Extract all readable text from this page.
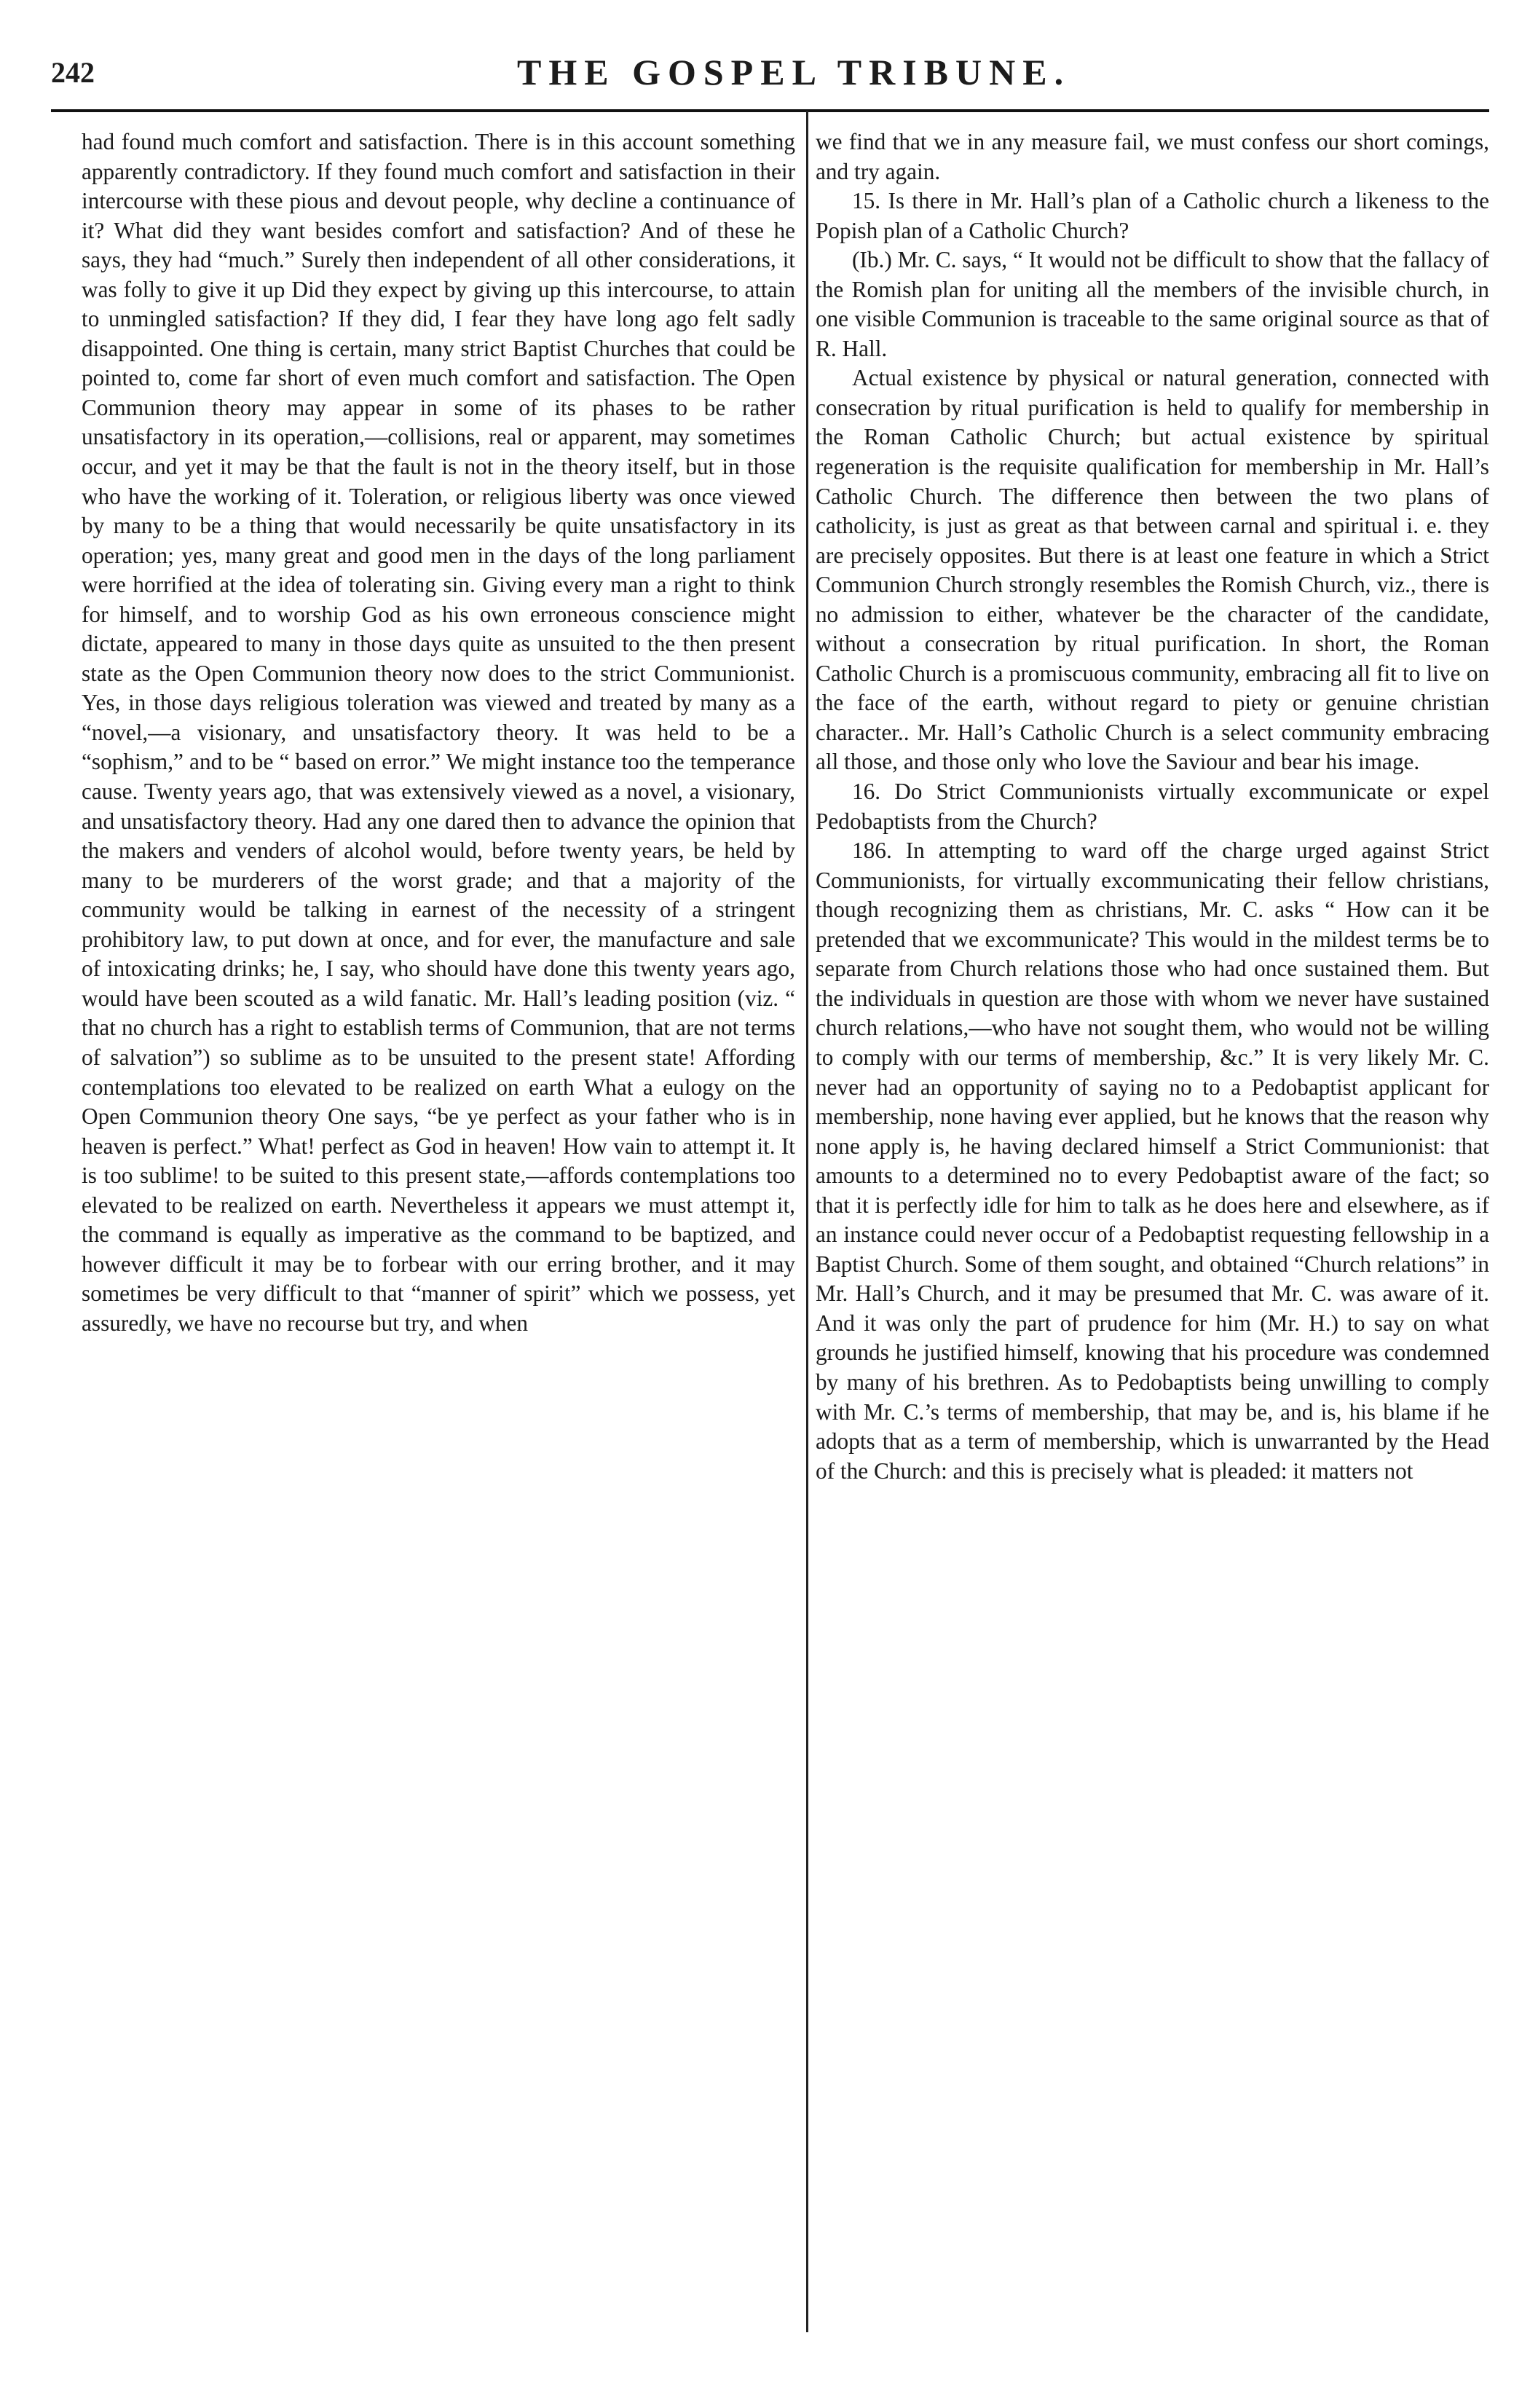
242	THE GOSPEL TRIBUNE.

had found much comfort and satisfaction. There is in this account something apparently contradictory. If they found much comfort and satisfaction in their intercourse with these pious and devout people, why decline a continuance of it? What did they want besides comfort and satisfaction? And of these he says, they had “much.” Surely then independent of all other considerations, it was folly to give it up Did they expect by giving up this intercourse, to attain to unmingled satisfaction? If they did, I fear they have long ago felt sadly disappointed. One thing is certain, many strict Baptist Churches that could be pointed to, come far short of even much comfort and satisfaction. The Open Communion theory may appear in some of its phases to be rather unsatisfactory in its operation,—collisions, real or apparent, may sometimes occur, and yet it may be that the fault is not in the theory itself, but in those who have the working of it. Toleration, or religious liberty was once viewed by many to be a thing that would necessarily be quite unsatisfactory in its operation; yes, many great and good men in the days of the long parliament were horrified at the idea of tolerating sin. Giving every man a right to think for himself, and to worship God as his own erroneous conscience might dictate, appeared to many in those days quite as unsuited to the then present state as the Open Communion theory now does to the strict Communionist. Yes, in those days religious toleration was viewed and treated by many as a “novel,—a visionary, and unsatisfactory theory. It was held to be a “sophism,” and to be “ based on error.” We might instance too the temperance cause. Twenty years ago, that was extensively viewed as a novel, a visionary, and unsatisfactory theory. Had any one dared then to advance the opinion that the makers and venders of alcohol would, before twenty years, be held by many to be murderers of the worst grade; and that a majority of the community would be talking in earnest of the necessity of a stringent prohibitory law, to put down at once, and for ever, the manufacture and sale of intoxicating drinks; he, I say, who should have done this twenty years ago, would have been scouted as a wild fanatic. Mr. Hall’s leading position (viz. “ that no church has a right to establish terms of Communion, that are not terms of salvation”) so sublime as to be unsuited to the present state! Affording contemplations too elevated to be realized on earth What a eulogy on the Open Communion theory One says, “be ye perfect as your father who is in heaven is perfect.” What! perfect as God in heaven! How vain to attempt it. It is too sublime! to be suited to this present state,—affords contemplations too elevated to be realized on earth. Nevertheless it appears we must attempt it, the command is equally as imperative as the command to be baptized, and however difficult it may be to forbear with our erring brother, and it may sometimes be very difficult to that “manner of spirit” which we possess, yet assuredly, we have no recourse but try, and when

we find that we in any measure fail, we must confess our short comings, and try again.

15. Is there in Mr. Hall’s plan of a Catholic church a likeness to the Popish plan of a Catholic Church?

(Ib.) Mr. C. says, “ It would not be difficult to show that the fallacy of the Romish plan for uniting all the members of the invisible church, in one visible Communion is traceable to the same original source as that of R. Hall.

Actual existence by physical or natural generation, connected with consecration by ritual purification is held to qualify for membership in the Roman Catholic Church; but actual existence by spiritual regeneration is the requisite qualification for membership in Mr. Hall’s Catholic Church. The difference then between the two plans of catholicity, is just as great as that between carnal and spiritual i. e. they are precisely opposites. But there is at least one feature in which a Strict Communion Church strongly resembles the Romish Church, viz., there is no admission to either, whatever be the character of the candidate, without a consecration by ritual purification. In short, the Roman Catholic Church is a promiscuous community, embracing all fit to live on the face of the earth, without regard to piety or genuine christian character.. Mr. Hall’s Catholic Church is a select community embracing all those, and those only who love the Saviour and bear his image.

16. Do Strict Communionists virtually excommunicate or expel Pedobaptists from the Church?

186. In attempting to ward off the charge urged against Strict Communionists, for virtually excommunicating their fellow christians, though recognizing them as christians, Mr. C. asks “ How can it be pretended that we excommunicate? This would in the mildest terms be to separate from Church relations those who had once sustained them. But the individuals in question are those with whom we never have sustained church relations,—who have not sought them, who would not be willing to comply with our terms of membership, &c.” It is very likely Mr. C. never had an opportunity of saying no to a Pedobaptist applicant for membership, none having ever applied, but he knows that the reason why none apply is, he having declared himself a Strict Communionist: that amounts to a determined no to every Pedobaptist aware of the fact; so that it is perfectly idle for him to talk as he does here and elsewhere, as if an instance could never occur of a Pedobaptist requesting fellowship in a Baptist Church. Some of them sought, and obtained “Church relations” in Mr. Hall’s Church, and it may be presumed that Mr. C. was aware of it. And it was only the part of prudence for him (Mr. H.) to say on what grounds he justified himself, knowing that his procedure was condemned by many of his brethren. As to Pedobaptists being unwilling to comply with Mr. C.’s terms of membership, that may be, and is, his blame if he adopts that as a term of membership, which is unwarranted by the Head of the Church: and this is precisely what is pleaded: it matters not
